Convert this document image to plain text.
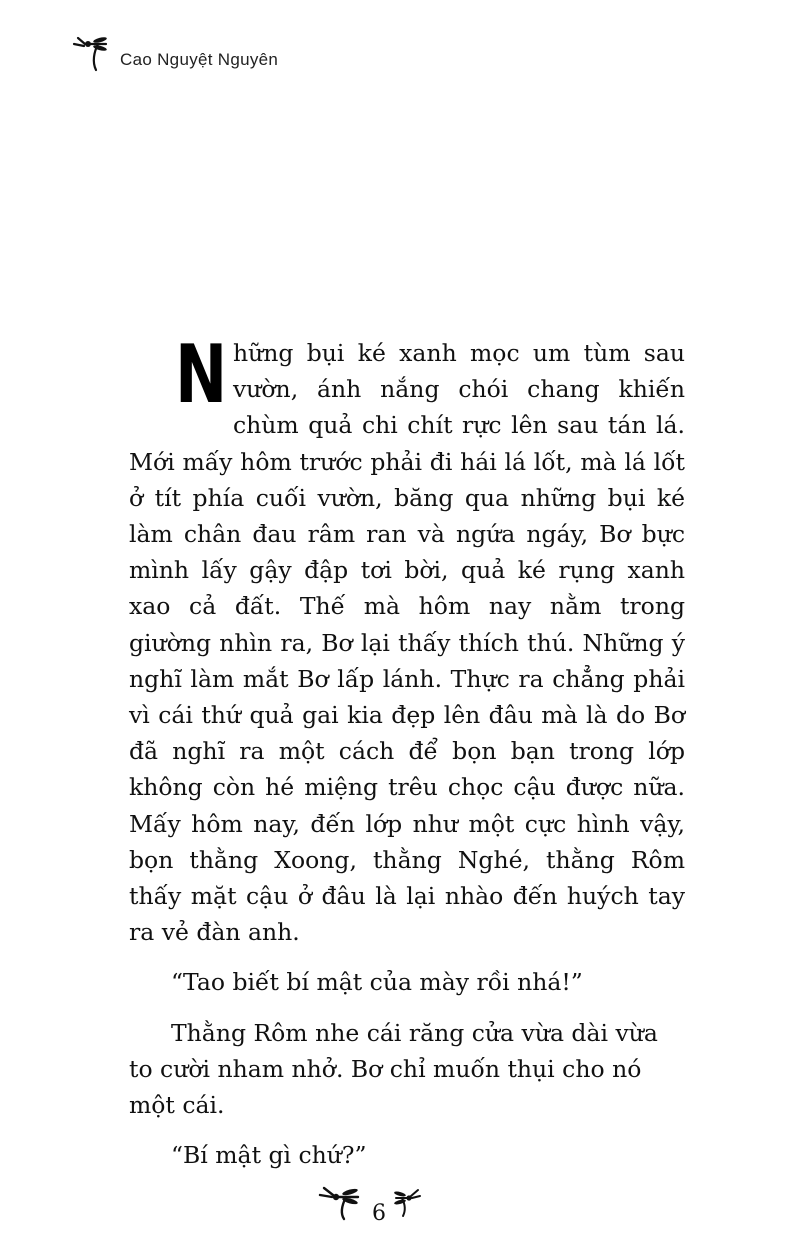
Cao Nguyệt Nguyên

Những bụi ké xanh mọc um tùm sau vườn, ánh nắng chói chang khiến chùm quả chi chít rực lên sau tán lá. Mới mấy hôm trước phải đi hái lá lốt, mà lá lốt ở tít phía cuối vườn, băng qua những bụi ké làm chân đau râm ran và ngứa ngáy, Bơ bực mình lấy gậy đập tơi bời, quả ké rụng xanh xao cả đất. Thế mà hôm nay nằm trong giường nhìn ra, Bơ lại thấy thích thú. Những ý nghĩ làm mắt Bơ lấp lánh. Thực ra chẳng phải vì cái thứ quả gai kia đẹp lên đâu mà là do Bơ đã nghĩ ra một cách để bọn bạn trong lớp không còn hé miệng trêu chọc cậu được nữa. Mấy hôm nay, đến lớp như một cực hình vậy, bọn thằng Xoong, thằng Nghé, thằng Rôm thấy mặt cậu ở đâu là lại nhào đến huých tay ra vẻ đàn anh.

“Tao biết bí mật của mày rồi nhá!”

Thằng Rôm nhe cái răng cửa vừa dài vừa to cười nham nhở. Bơ chỉ muốn thụi cho nó một cái.

“Bí mật gì chứ?”

6
